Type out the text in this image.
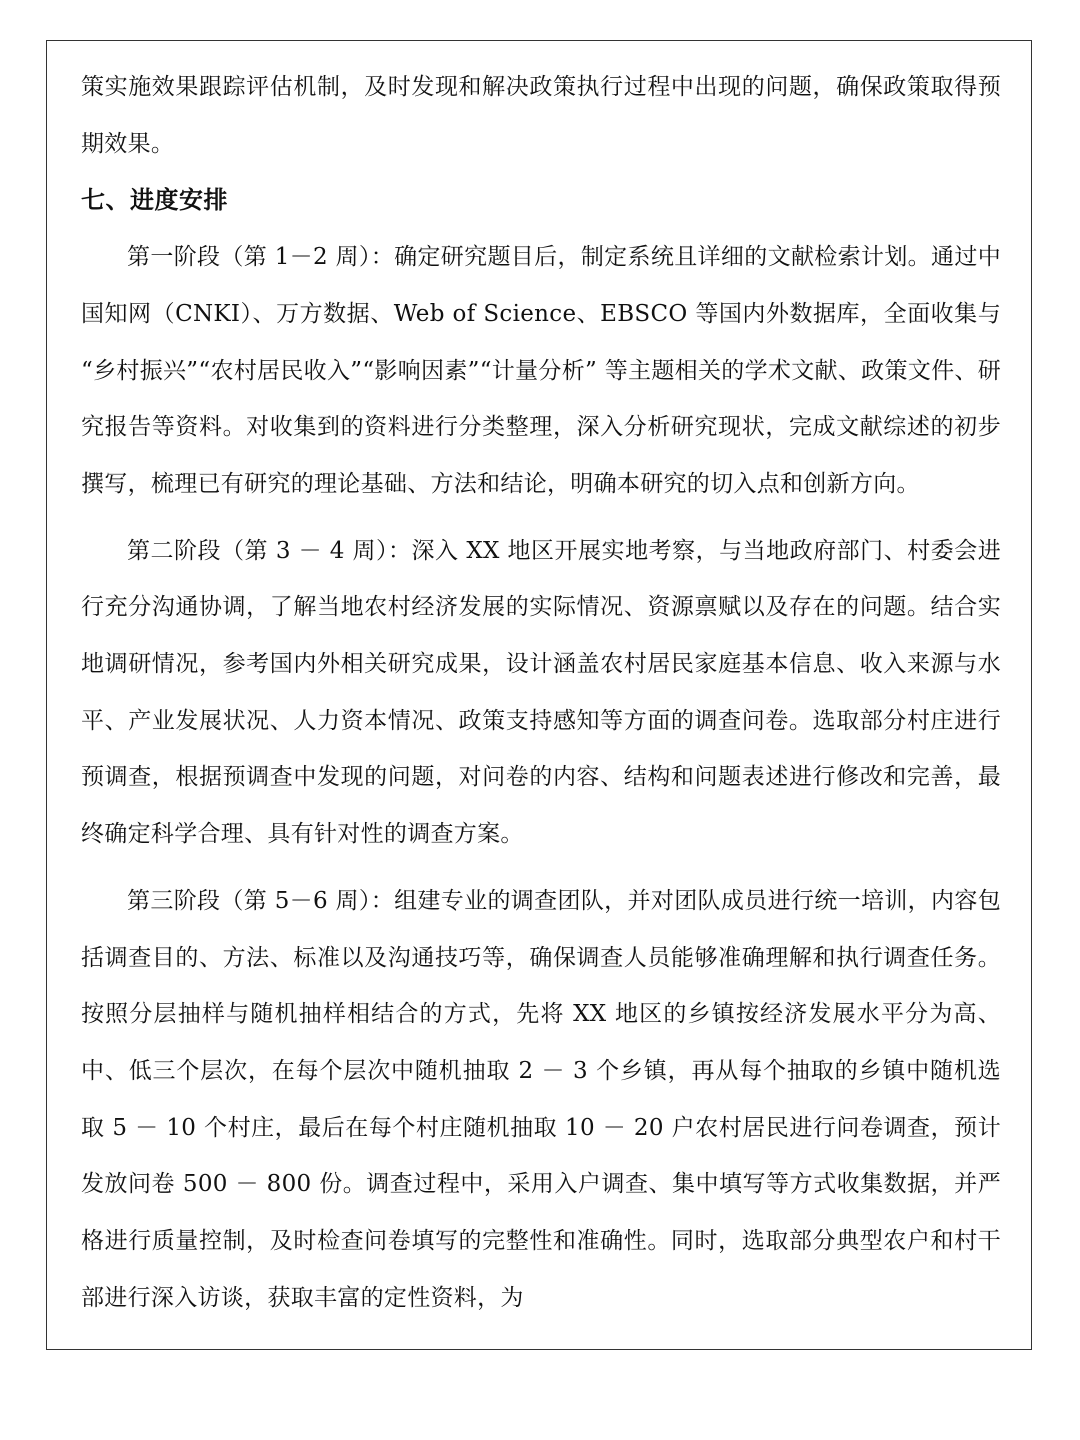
策实施效果跟踪评估机制，及时发现和解决政策执行过程中出现的问题，确保政策取得预期效果。

七、进度安排

第一阶段（第 1－2 周）：确定研究题目后，制定系统且详细的文献检索计划。通过中国知网（CNKI）、万方数据、Web of Science、EBSCO 等国内外数据库，全面收集与 “乡村振兴”“农村居民收入”“影响因素”“计量分析” 等主题相关的学术文献、政策文件、研究报告等资料。对收集到的资料进行分类整理，深入分析研究现状，完成文献综述的初步撰写，梳理已有研究的理论基础、方法和结论，明确本研究的切入点和创新方向。

第二阶段（第 3 － 4 周）：深入 XX 地区开展实地考察，与当地政府部门、村委会进行充分沟通协调，了解当地农村经济发展的实际情况、资源禀赋以及存在的问题。结合实地调研情况，参考国内外相关研究成果，设计涵盖农村居民家庭基本信息、收入来源与水平、产业发展状况、人力资本情况、政策支持感知等方面的调查问卷。选取部分村庄进行预调查，根据预调查中发现的问题，对问卷的内容、结构和问题表述进行修改和完善，最终确定科学合理、具有针对性的调查方案。

第三阶段（第 5－6 周）：组建专业的调查团队，并对团队成员进行统一培训，内容包括调查目的、方法、标准以及沟通技巧等，确保调查人员能够准确理解和执行调查任务。按照分层抽样与随机抽样相结合的方式，先将 XX 地区的乡镇按经济发展水平分为高、中、低三个层次，在每个层次中随机抽取 2 － 3 个乡镇，再从每个抽取的乡镇中随机选取 5 － 10 个村庄，最后在每个村庄随机抽取 10 － 20 户农村居民进行问卷调查，预计发放问卷 500 － 800 份。调查过程中，采用入户调查、集中填写等方式收集数据，并严格进行质量控制，及时检查问卷填写的完整性和准确性。同时，选取部分典型农户和村干部进行深入访谈，获取丰富的定性资料，为
